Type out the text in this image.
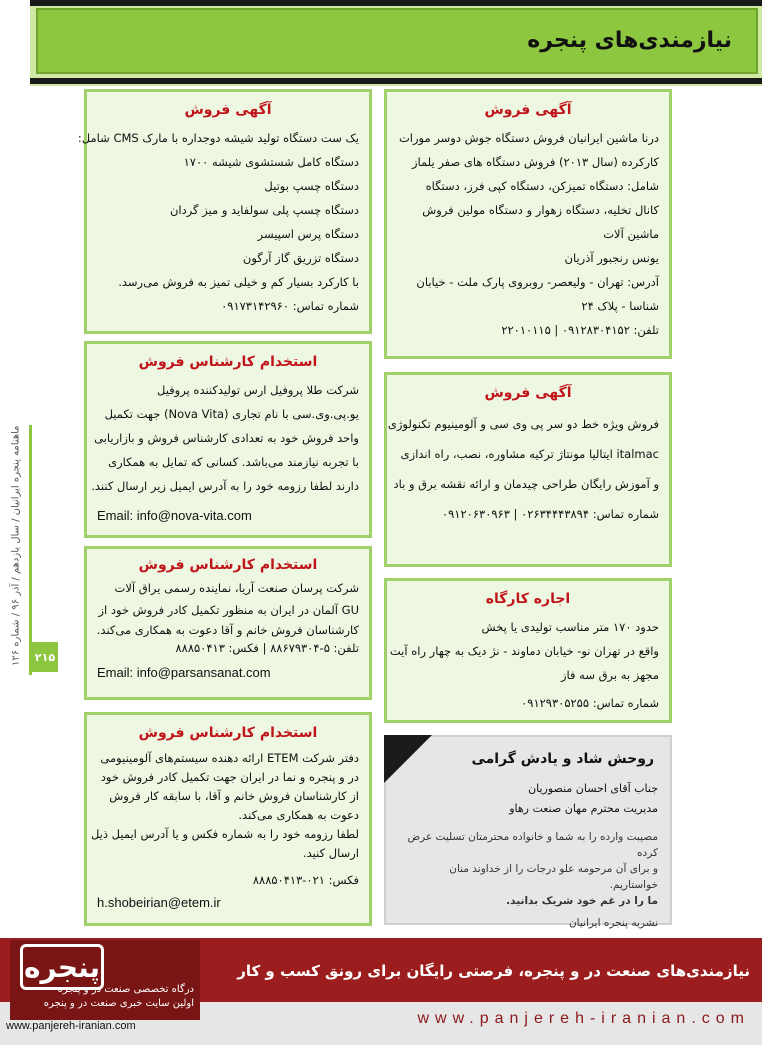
نیازمندی‌های پنجره
ماهنامه پنجره ایرانیان / سال یازدهم / آذر ۹۶ / شماره ۱۲۶
۲۱۵
آگهی فروش
درنا ماشین ایرانیان فروش دستگاه جوش دوسر مورات
کارکرده (سال ۲۰۱۳) فروش دستگاه های صفر یلماز
شامل: دستگاه تمیزکن، دستگاه کپی فرز، دستگاه
کانال تخلیه، دستگاه زهوار و دستگاه مولین فروش
ماشین آلات
یونس رنجبور آذریان
آدرس: تهران - ولیعصر- روبروی پارک ملت - خیابان
شناسا - پلاک ۲۴
تلفن: ۰۹۱۲۸۳۰۴۱۵۲ | ۲۲۰۱۰۱۱۵
آگهی فروش
فروش ویژه خط دو سر پی وی سی و آلومینیوم تکنولوژی
italmac ایتالیا مونتاژ ترکیه مشاوره، نصب، راه اندازی
و آموزش رایگان طراحی چیدمان و ارائه نقشه برق و باد
شماره تماس: ۰۲۶۳۴۴۴۳۸۹۴ | ۰۹۱۲۰۶۳۰۹۶۳
اجاره کارگاه
حدود ۱۷۰ متر مناسب تولیدی یا پخش
واقع در تهران نو- خیابان دماوند - نژ دیک به چهار راه آیت
مجهز به برق سه فاز
شماره تماس: ۰۹۱۲۹۳۰۵۲۵۵
روحش شاد و یادش گرامی
جناب آقای احسان منصوریان
مدیریت محترم مهان صنعت رهاو
مصیبت وارده را به شما و خانواده محترمتان تسلیت عرض کرده
و برای آن مرحومه علو درجات را از خداوند منان خواستاریم.
ما را در غم خود شریک بدانید.
نشریه پنجره ایرانیان
آگهی فروش
یک ست دستگاه تولید شیشه دوجداره با مارک CMS شامل:
دستگاه کامل شستشوی شیشه ۱۷۰۰
دستگاه چسپ بوتیل
دستگاه چسپ پلی سولفاید و میز گردان
دستگاه پرس اسپیسر
دستگاه تزریق گاز آرگون
با کارکرد بسیار کم و خیلی تمیز به فروش می‌رسد.
شماره تماس: ۰۹۱۷۳۱۴۲۹۶۰
استخدام کارشناس فروش
شرکت طلا پروفیل ارس تولیدکننده پروفیل
یو.پی.وی.سی با نام تجاری (Nova Vita) جهت تکمیل
واحد فروش خود به تعدادی کارشناس فروش و بازاریابی
با تجربه نیازمند می‌باشد. کسانی که تمایل به همکاری
دارند لطفا رزومه خود را به آدرس ایمیل زیر ارسال کنند.
Email: info@nova-vita.com
استخدام کارشناس فروش
شرکت پرسان صنعت آریا، نماینده رسمی یراق آلات
GU آلمان در ایران به منظور تکمیل کادر فروش خود از
کارشناسان فروش خانم و آقا دعوت به همکاری می‌کند.
تلفن: ۵-۸۸۶۷۹۳۰۴ | فکس: ۸۸۸۵۰۴۱۳
Email: info@parsansanat.com
استخدام کارشناس فروش
دفتر شرکت ETEM ارائه دهنده سیستم‌های آلومینیومی
در و پنجره و نما در ایران جهت تکمیل کادر فروش خود
از کارشناسان فروش خانم و آقا، با سابقه کار فروش
دعوت به همکاری می‌کند.
لطفا رزومه خود را به شماره فکس و یا آدرس ایمیل ذیل
ارسال کنید.
فکس: ۰۲۱-۸۸۸۵۰۴۱۳
h.shobeirian@etem.ir
پنجره
درگاه تخصصی صنعت در و پنجره
اولین سایت خبری صنعت در و پنجره
نیازمندی‌های صنعت در و پنجره، فرصتی رایگان برای رونق کسب و کار
www.panjereh-iranian.com
www.panjereh-iranian.com
